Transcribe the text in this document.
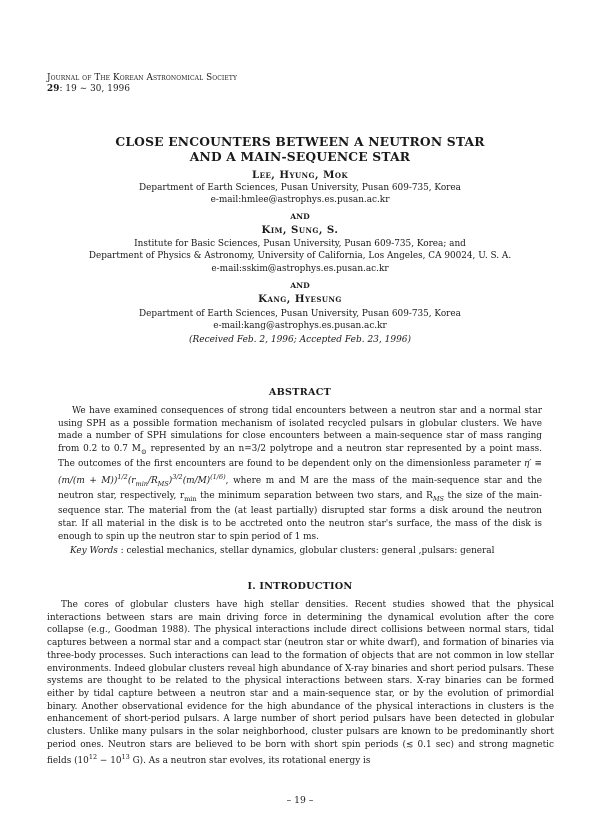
Journal of The Korean Astronomical Society
29: 19 ∼ 30, 1996
CLOSE ENCOUNTERS BETWEEN A NEUTRON STAR
AND A MAIN-SEQUENCE STAR
Lee, Hyung, Mok
Department of Earth Sciences, Pusan University, Pusan 609-735, Korea
e-mail:hmlee@astrophys.es.pusan.ac.kr
AND
Kim, Sung, S.
Institute for Basic Sciences, Pusan University, Pusan 609-735, Korea; and
Department of Physics & Astronomy, University of California, Los Angeles, CA 90024, U. S. A.
e-mail:sskim@astrophys.es.pusan.ac.kr
AND
Kang, Hyesung
Department of Earth Sciences, Pusan University, Pusan 609-735, Korea
e-mail:kang@astrophys.es.pusan.ac.kr
(Received Feb. 2, 1996; Accepted Feb. 23, 1996)
ABSTRACT

We have examined consequences of strong tidal encounters between a neutron star and a normal star using SPH as a possible formation mechanism of isolated recycled pulsars in globular clusters. We have made a number of SPH simulations for close encounters between a main-sequence star of mass ranging from 0.2 to 0.7 $M_⊙$ represented by an n=3/2 polytrope and a neutron star represented by a point mass. The outcomes of the first encounters are found to be dependent only on the dimensionless parameter $\eta' \equiv (m/(m + M))^{1/2}(r_{min}/R_{MS})^{3/2}(m/M)^{(1/6)}$, where m and M are the mass of the main-sequence star and the neutron star, respectively, $r_{min}$ the minimum separation between two stars, and $R_{MS}$ the size of the main-sequence star. The material from the (at least partially) disrupted star forms a disk around the neutron star. If all material in the disk is to be acctreted onto the neutron star's surface, the mass of the disk is enough to spin up the neutron star to spin period of 1 ms.

Key Words : celestial mechanics, stellar dynamics, globular clusters: general ,pulsars: general
I. INTRODUCTION

The cores of globular clusters have high stellar densities. Recent studies showed that the physical interactions between stars are main driving force in determining the dynamical evolution after the core collapse (e.g., Goodman 1988). The physical interactions include direct collisions between normal stars, tidal captures between a normal star and a compact star (neutron star or white dwarf), and formation of binaries via three-body processes. Such interactions can lead to the formation of objects that are not common in low stellar environments. Indeed globular clusters reveal high abundance of X-ray binaries and short period pulsars. These systems are thought to be related to the physical interactions between stars. X-ray binaries can be formed either by tidal capture between a neutron star and a main-sequence star, or by the evolution of primordial binary. Another observational evidence for the high abundance of the physical interactions in clusters is the enhancement of short-period pulsars. A large number of short period pulsars have been detected in globular clusters. Unlike many pulsars in the solar neighborhood, cluster pulsars are known to be predominantly short period ones. Neutron stars are believed to be born with short spin periods (≲ 0.1 sec) and strong magnetic fields ($10^{12} - 10^{13}$ G). As a neutron star evolves, its rotational energy is

– 19 –
